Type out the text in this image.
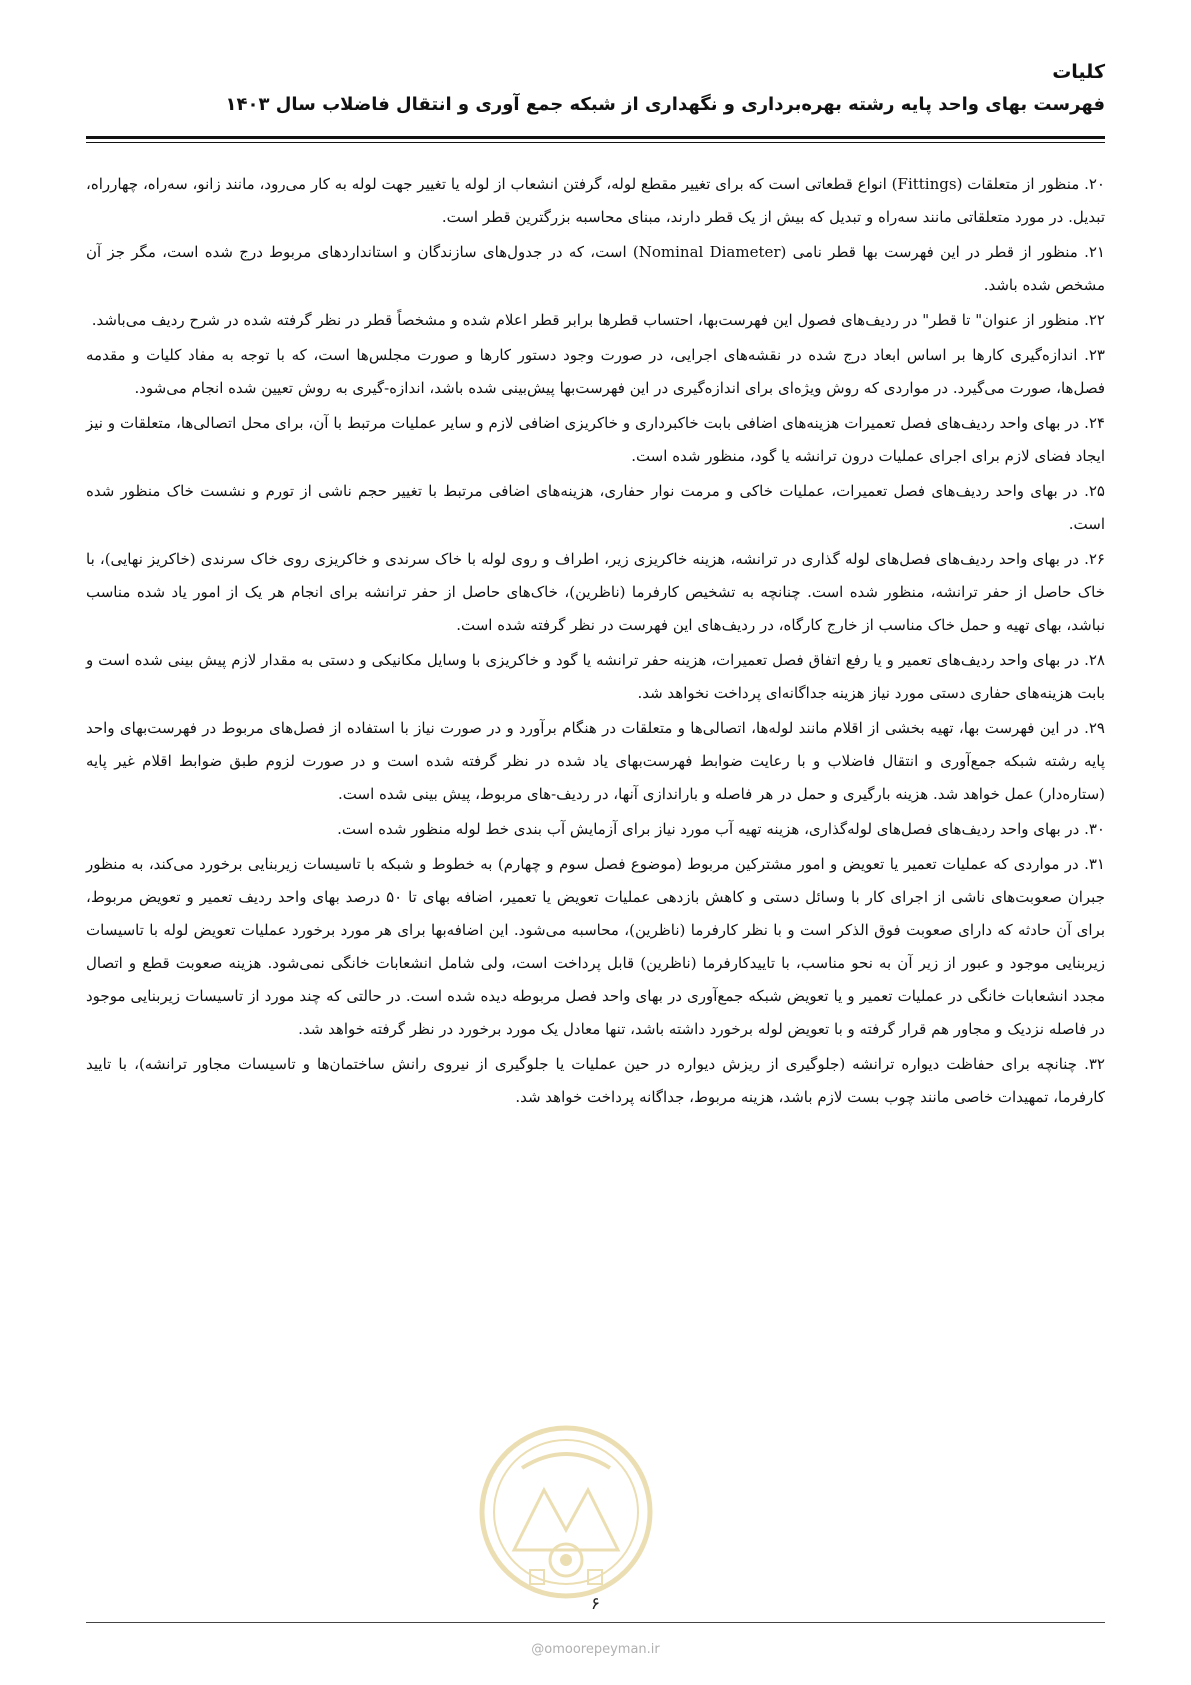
کلیات
فهرست بهای واحد پایه رشته بهره‌برداری و نگهداری از شبکه جمع آوری و انتقال فاضلاب سال ۱۴۰۳

۲۰. منظور از متعلقات (Fittings) انواع قطعاتی است که برای تغییر مقطع لوله، گرفتن انشعاب از لوله یا تغییر جهت لوله به کار می‌رود، مانند زانو، سه‌راه، چهارراه، تبدیل. در مورد متعلقاتی مانند سه‌راه و تبدیل که بیش از یک قطر دارند، مبنای محاسبه بزرگترین قطر است.

۲۱. منظور از قطر در این فهرست بها قطر نامی (Nominal Diameter) است، که در جدول‌های سازندگان و استانداردهای مربوط درج شده است، مگر جز آن مشخص شده باشد.

۲۲. منظور از عنوان" تا قطر" در ردیف‌های فصول این فهرست‌بها، احتساب قطرها برابر قطر اعلام شده و مشخصاً قطر در نظر گرفته شده در شرح ردیف می‌باشد.

۲۳. اندازه‌گیری کارها بر اساس ابعاد درج شده در نقشه‌های اجرایی، در صورت وجود دستور کارها و صورت مجلس‌ها است، که با توجه به مفاد کلیات و مقدمه فصل‌ها، صورت می‌گیرد. در مواردی که روش ویژه‌ای برای اندازه‌گیری در این فهرست‌بها پیش‌بینی شده باشد، اندازه-گیری به روش تعیین شده انجام می‌شود.

۲۴. در بهای واحد ردیف‌های فصل تعمیرات هزینه‌های اضافی بابت خاکبرداری و خاکریزی اضافی لازم و سایر عملیات مرتبط با آن، برای محل اتصالی‌ها، متعلقات و نیز ایجاد فضای لازم برای اجرای عملیات درون ترانشه یا گود، منظور شده است.

۲۵. در بهای واحد ردیف‌های فصل تعمیرات، عملیات خاکی و مرمت نوار حفاری، هزینه‌های اضافی مرتبط با تغییر حجم ناشی از تورم و نشست خاک منظور شده است.

۲۶. در بهای واحد ردیف‌های فصل‌های لوله گذاری در ترانشه، هزینه خاکریزی زیر، اطراف و روی لوله با خاک سرندی و خاکریزی روی خاک سرندی (خاکریز نهایی)، با خاک حاصل از حفر ترانشه، منظور شده است. چنانچه به تشخیص کارفرما (ناظرین)، خاک‌های حاصل از حفر ترانشه برای انجام هر یک از امور یاد شده مناسب نباشد، بهای تهیه و حمل خاک مناسب از خارج کارگاه، در ردیف‌های این فهرست در نظر گرفته شده است.

۲۸. در بهای واحد ردیف‌های تعمیر و یا رفع اتفاق فصل تعمیرات، هزینه حفر ترانشه یا گود و خاکریزی با وسایل مکانیکی و دستی به مقدار لازم پیش بینی شده است و بابت هزینه‌های حفاری دستی مورد نیاز هزینه جداگانه‌ای پرداخت نخواهد شد.

۲۹. در این فهرست بها، تهیه بخشی از اقلام مانند لوله‌ها، اتصالی‌ها و متعلقات در هنگام برآورد و در صورت نیاز با استفاده از فصل‌های مربوط در فهرست‌بهای واحد پایه رشته شبکه جمع‌آوری و انتقال فاضلاب و با رعایت ضوابط فهرست‌بهای یاد شده در نظر گرفته شده است و در صورت لزوم طبق ضوابط اقلام غیر پایه (ستاره‌دار) عمل خواهد شد. هزینه بارگیری و حمل در هر فاصله و باراندازی آنها، در ردیف-های مربوط، پیش بینی شده است.

۳۰. در بهای واحد ردیف‌های فصل‌های لوله‌گذاری، هزینه تهیه آب مورد نیاز برای آزمایش آب بندی خط لوله منظور شده است.

۳۱. در مواردی که عملیات تعمیر یا تعویض و امور مشترکین مربوط (موضوع فصل سوم و چهارم) به خطوط و شبکه با تاسیسات زیربنایی برخورد می‌کند، به منظور جبران صعوبت‌های ناشی از اجرای کار با وسائل دستی و کاهش بازدهی عملیات تعویض یا تعمیر، اضافه بهای تا ۵۰ درصد بهای واحد ردیف تعمیر و تعویض مربوط، برای آن حادثه که دارای صعوبت فوق الذکر است و با نظر کارفرما (ناظرین)، محاسبه می‌شود. این اضافه‌بها برای هر مورد برخورد عملیات تعویض لوله با تاسیسات زیربنایی موجود و عبور از زیر آن به نحو مناسب، با تاییدکارفرما (ناظرین) قابل پرداخت است، ولی شامل انشعابات خانگی نمی‌شود. هزینه صعوبت قطع و اتصال مجدد انشعابات خانگی در عملیات تعمیر و یا تعویض شبکه جمع‌آوری در بهای واحد فصل مربوطه دیده شده است. در حالتی که چند مورد از تاسیسات زیربنایی موجود در فاصله نزدیک و مجاور هم قرار گرفته و با تعویض لوله برخورد داشته باشد، تنها معادل یک مورد برخورد در نظر گرفته خواهد شد.

۳۲. چنانچه برای حفاظت دیواره ترانشه (جلوگیری از ریزش دیواره در حین عملیات یا جلوگیری از نیروی رانش ساختمان‌ها و تاسیسات مجاور ترانشه)، با تایید کارفرما، تمهیدات خاصی مانند چوب بست لازم باشد، هزینه مربوط، جداگانه پرداخت خواهد شد.

۶
@omoorepeyman.ir
